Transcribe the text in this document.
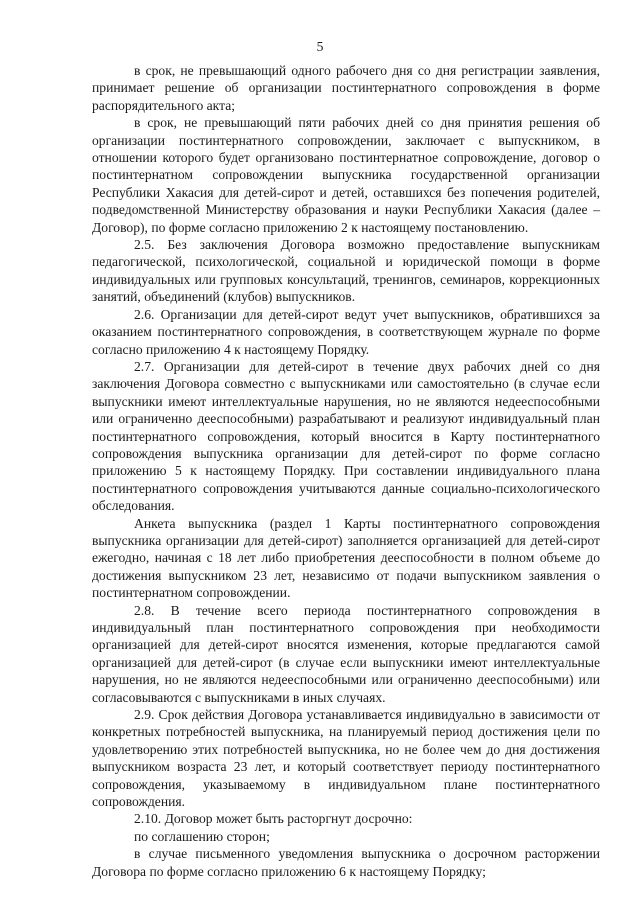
5

в срок, не превышающий одного рабочего дня со дня регистрации заявления, принимает решение об организации постинтернатного сопровождения в форме распорядительного акта;

в срок, не превышающий пяти рабочих дней со дня принятия решения об организации постинтернатного сопровождении, заключает с выпускником, в отношении которого будет организовано постинтернатное сопровождение, договор о постинтернатном сопровождении выпускника государственной организации Республики Хакасия для детей-сирот и детей, оставшихся без попечения родителей, подведомственной Министерству образования и науки Республики Хакасия (далее – Договор), по форме согласно приложению 2 к настоящему постановлению.

2.5. Без заключения Договора возможно предоставление выпускникам педагогической, психологической, социальной и юридической помощи в форме индивидуальных или групповых консультаций, тренингов, семинаров, коррекционных занятий, объединений (клубов) выпускников.

2.6. Организации для детей-сирот ведут учет выпускников, обратившихся за оказанием постинтернатного сопровождения, в соответствующем журнале по форме согласно приложению 4 к настоящему Порядку.

2.7. Организации для детей-сирот в течение двух рабочих дней со дня заключения Договора совместно с выпускниками или самостоятельно (в случае если выпускники имеют интеллектуальные нарушения, но не являются недееспособными или ограниченно дееспособными) разрабатывают и реализуют индивидуальный план постинтернатного сопровождения, который вносится в Карту постинтернатного сопровождения выпускника организации для детей-сирот по форме согласно приложению 5 к настоящему Порядку. При составлении индивидуального плана постинтернатного сопровождения учитываются данные социально-психологического обследования.

Анкета выпускника (раздел 1 Карты постинтернатного сопровождения выпускника организации для детей-сирот) заполняется организацией для детей-сирот ежегодно, начиная с 18 лет либо приобретения дееспособности в полном объеме до достижения выпускником 23 лет, независимо от подачи выпускником заявления о постинтернатном сопровождении.

2.8. В течение всего периода постинтернатного сопровождения в индивидуальный план постинтернатного сопровождения при необходимости организацией для детей-сирот вносятся изменения, которые предлагаются самой организацией для детей-сирот (в случае если выпускники имеют интеллектуальные нарушения, но не являются недееспособными или ограниченно дееспособными) или согласовываются с выпускниками в иных случаях.

2.9. Срок действия Договора устанавливается индивидуально в зависимости от конкретных потребностей выпускника, на планируемый период достижения цели по удовлетворению этих потребностей выпускника, но не более чем до дня достижения выпускником возраста 23 лет, и который соответствует периоду постинтернатного сопровождения, указываемому в индивидуальном плане постинтернатного сопровождения.

2.10. Договор может быть расторгнут досрочно:

по соглашению сторон;

в случае письменного уведомления выпускника о досрочном расторжении Договора по форме согласно приложению 6 к настоящему Порядку;
